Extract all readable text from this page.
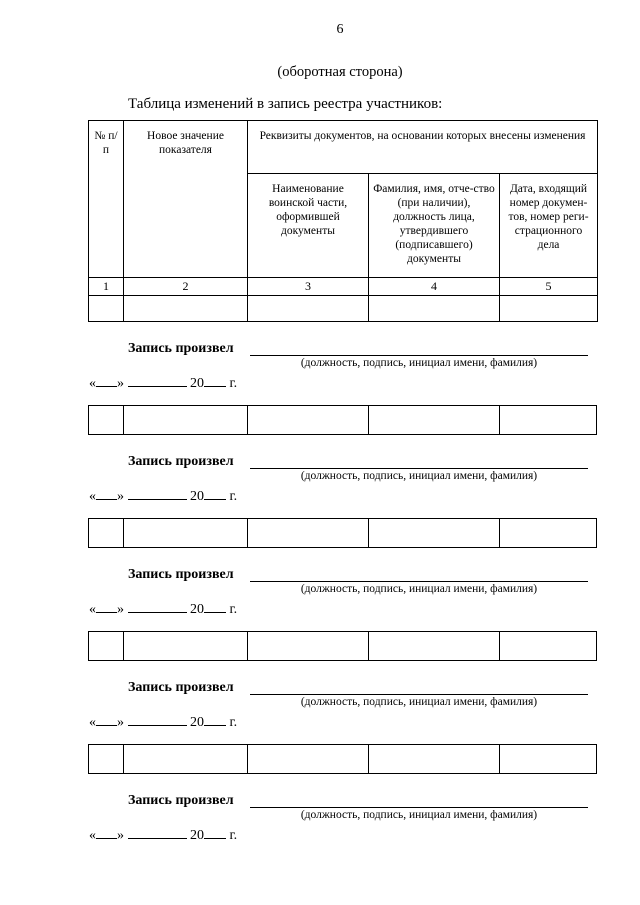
6
(оборотная сторона)
Таблица изменений в запись реестра участников:
№ п/п	Новое значение показателя	Реквизиты документов, на основании которых внесены изменения		
		Наименование воинской части, оформившей документы	Фамилия, имя, отче-ство (при наличии), должность лица, утвердившего (подписавшего) документы	Дата, входящий номер докумен-тов, номер реги-страционного дела
1	2	3	4	5

Запись произвел
(должность, подпись, инициал имени, фамилия)
« »	20 г.
Запись произвел
(должность, подпись, инициал имени, фамилия)
« »	20 г.
Запись произвел
(должность, подпись, инициал имени, фамилия)
« »	20 г.
Запись произвел
(должность, подпись, инициал имени, фамилия)
« »	20 г.
Запись произвел
(должность, подпись, инициал имени, фамилия)
« »	20 г.
